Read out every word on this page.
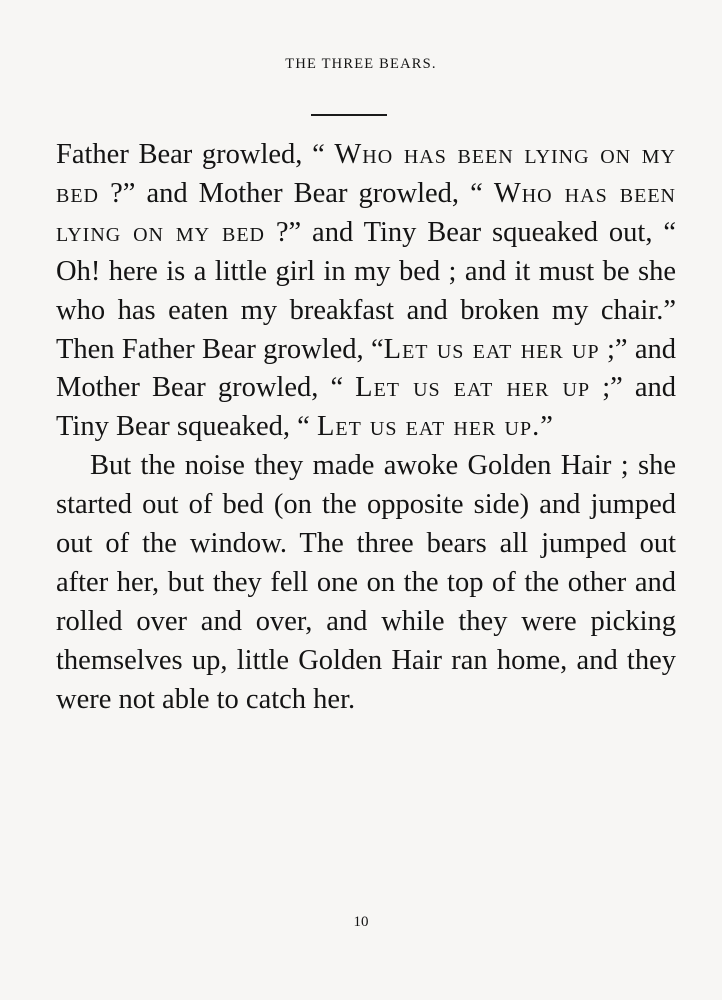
THE THREE BEARS.

Father Bear growled, “ Who has been lying on my bed ?” and Mother Bear growled, “ Who has been lying on my bed ?” and Tiny Bear squeaked out, “ Oh! here is a little girl in my bed ; and it must be she who has eaten my breakfast and broken my chair.” Then Father Bear growled, “Let us eat her up ;” and Mother Bear growled, “ Let us eat her up ;” and Tiny Bear squeaked, “ Let us eat her up.”

But the noise they made awoke Golden Hair ; she started out of bed (on the opposite side) and jumped out of the window. The three bears all jumped out after her, but they fell one on the top of the other and rolled over and over, and while they were picking themselves up, little Golden Hair ran home, and they were not able to catch her.

10
